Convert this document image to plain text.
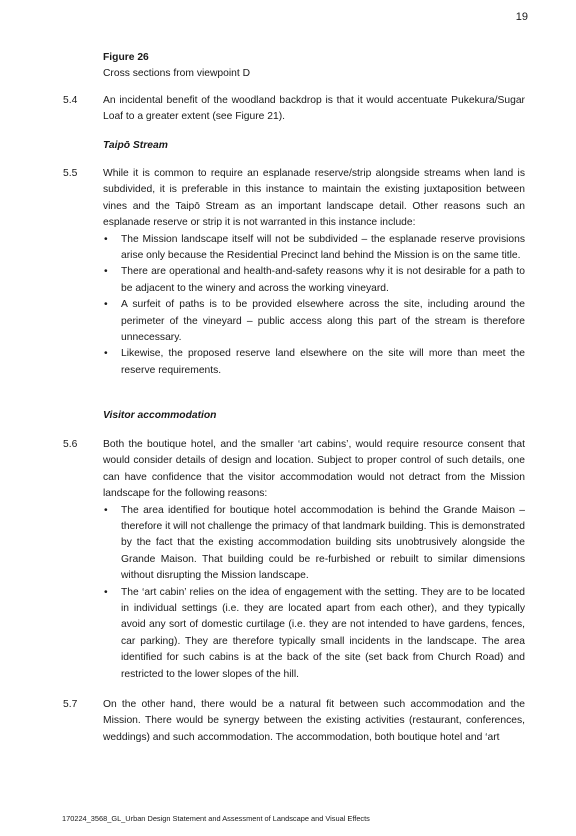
19
Figure 26
Cross sections from viewpoint D
5.4 An incidental benefit of the woodland backdrop is that it would accentuate Pukekura/Sugar Loaf to a greater extent (see Figure 21).

Taipō Stream
5.5 While it is common to require an esplanade reserve/strip alongside streams when land is subdivided, it is preferable in this instance to maintain the existing juxtaposition between vines and the Taipō Stream as an important landscape detail. Other reasons such an esplanade reserve or strip it is not warranted in this instance include:

• The Mission landscape itself will not be subdivided – the esplanade reserve provisions arise only because the Residential Precinct land behind the Mission is on the same title.
• There are operational and health-and-safety reasons why it is not desirable for a path to be adjacent to the winery and across the working vineyard.
• A surfeit of paths is to be provided elsewhere across the site, including around the perimeter of the vineyard – public access along this part of the stream is therefore unnecessary.
• Likewise, the proposed reserve land elsewhere on the site will more than meet the reserve requirements.
Visitor accommodation
5.6 Both the boutique hotel, and the smaller ‘art cabins’, would require resource consent that would consider details of design and location. Subject to proper control of such details, one can have confidence that the visitor accommodation would not detract from the Mission landscape for the following reasons:

• The area identified for boutique hotel accommodation is behind the Grande Maison – therefore it will not challenge the primacy of that landmark building. This is demonstrated by the fact that the existing accommodation building sits unobtrusively alongside the Grande Maison. That building could be re-furbished or rebuilt to similar dimensions without disrupting the Mission landscape.
• The ‘art cabin’ relies on the idea of engagement with the setting. They are to be located in individual settings (i.e. they are located apart from each other), and they typically avoid any sort of domestic curtilage (i.e. they are not intended to have gardens, fences, car parking). They are therefore typically small incidents in the landscape. The area identified for such cabins is at the back of the site (set back from Church Road) and restricted to the lower slopes of the hill.
5.7 On the other hand, there would be a natural fit between such accommodation and the Mission. There would be synergy between the existing activities (restaurant, conferences, weddings) and such accommodation. The accommodation, both boutique hotel and ‘art

170224_3568_GL_Urban Design Statement and Assessment of Landscape and Visual Effects
